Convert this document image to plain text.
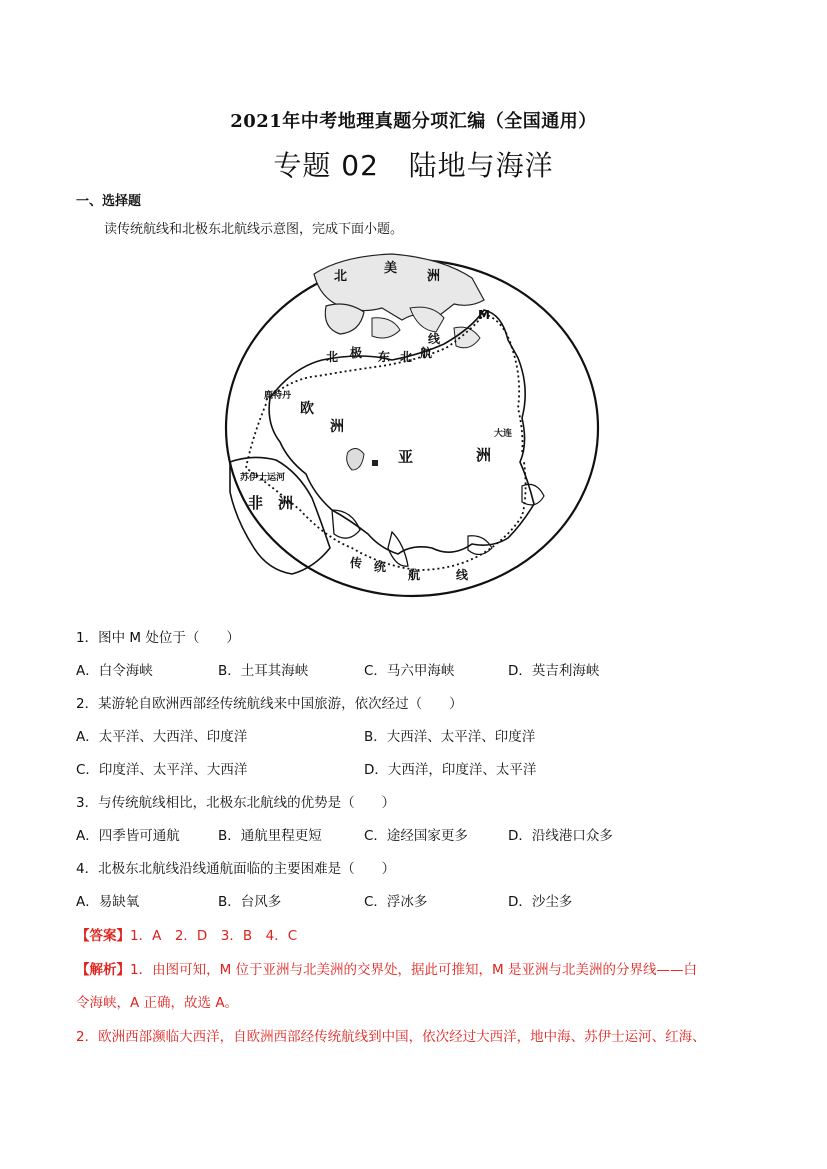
2021年中考地理真题分项汇编（全国通用）
专题 02 陆地与海洋
一、选择题
读传统航线和北极东北航线示意图，完成下面小题。
北
美
洲
M
线
航
北 极 东 北
鹿特丹
欧
洲
亚	洲
大连
苏伊士运河
非 洲
传 统
航	线
1．图中 M 处位于（　　）
A．白令海峡	B．土耳其海峡	C．马六甲海峡	D．英吉利海峡
2．某游轮自欧洲西部经传统航线来中国旅游，依次经过（　　）
A．太平洋、大西洋、印度洋	B．大西洋、太平洋、印度洋
C．印度洋、太平洋、大西洋	D．大西洋，印度洋、太平洋
3．与传统航线相比，北极东北航线的优势是（　　）
A．四季皆可通航	B．通航里程更短	C．途经国家更多	D．沿线港口众多
4．北极东北航线沿线通航面临的主要困难是（　　）
A．易缺氧	B．台风多	C．浮冰多	D．沙尘多
【答案】1．A　2．D　3．B　4．C
【解析】1．由图可知，M 位于亚洲与北美洲的交界处，据此可推知，M 是亚洲与北美洲的分界线——白
令海峡，A 正确，故选 A。
2．欧洲西部濒临大西洋，自欧洲西部经传统航线到中国，依次经过大西洋，地中海、苏伊士运河、红海、
